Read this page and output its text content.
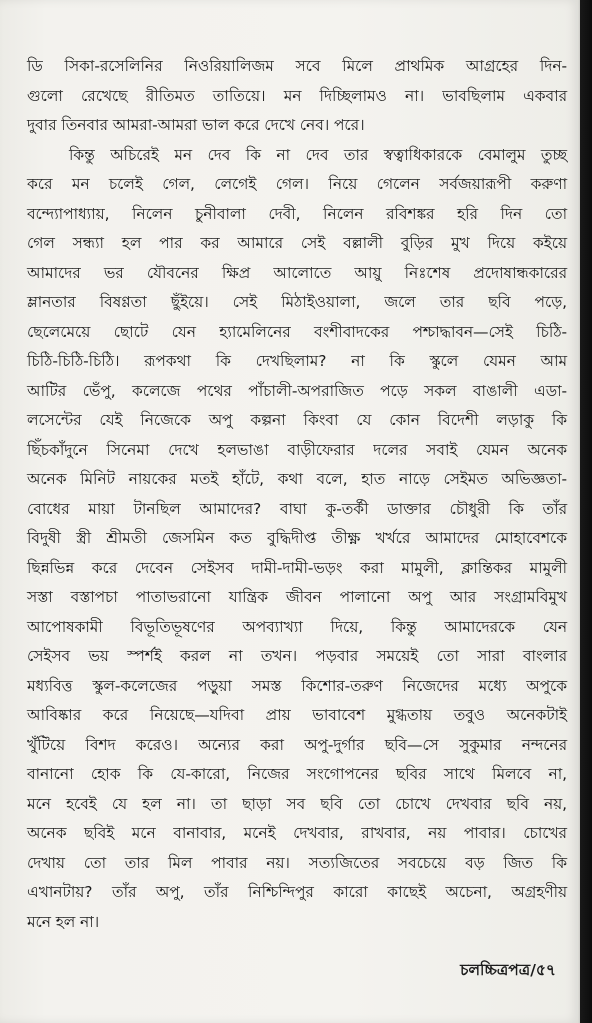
ডি সিকা-রসেলিনির নিওরিয়ালিজম সবে মিলে প্রাথমিক আগ্রহের দিন-
গুলো রেখেছে রীতিমত তাতিয়ে। মন দিচ্ছিলামও না। ভাবছিলাম একবার
দুবার তিনবার আমরা-আমরা ভাল করে দেখে নেব। পরে।
কিন্তু অচিরেই মন দেব কি না দেব তার স্বত্বাধিকারকে বেমালুম তুচ্ছ
করে মন চলেই গেল, লেগেই গেল। নিয়ে গেলেন সর্বজয়ারূপী করুণা
বন্দ্যোপাধ্যায়, নিলেন চুনীবালা দেবী, নিলেন রবিশঙ্কর হরি দিন তো
গেল সন্ধ্যা হল পার কর আমারে সেই বল্লালী বুড়ির মুখ দিয়ে কইয়ে
আমাদের ভর যৌবনের ক্ষিপ্র আলোতে আয়ু নিঃশেষ প্রদোষান্ধকারের
ম্লানতার বিষণ্ণতা ছুঁইয়ে। সেই মিঠাইওয়ালা, জলে তার ছবি পড়ে,
ছেলেমেয়ে ছোটে যেন হ্যামেলিনের বংশীবাদকের পশ্চাদ্ধাবন—সেই চিঠি-
চিঠি-চিঠি-চিঠি। রূপকথা কি দেখছিলাম? না কি স্কুলে যেমন আম
আটির ভেঁপু, কলেজে পথের পাঁচালী-অপরাজিত পড়ে সকল বাঙালী এডা-
লসেন্টের যেই নিজেকে অপু কল্পনা কিংবা যে কোন বিদেশী লড়াকু কি
ছিঁচকাঁদুনে সিনেমা দেখে হলভাঙা বাড়ীফেরার দলের সবাই যেমন অনেক
অনেক মিনিট নায়কের মতই হাঁটে, কথা বলে, হাত নাড়ে সেইমত অভিজ্ঞতা-
বোধের মায়া টানছিল আমাদের? বাঘা কু-তর্কী ডাক্তার চৌধুরী কি তাঁর
বিদুষী স্ত্রী শ্রীমতী জেসমিন কত বুদ্ধিদীপ্ত তীক্ষ্ণ খর্খরে আমাদের মোহাবেশকে
ছিন্নভিন্ন করে দেবেন সেইসব দামী-দামী-ভড়ং করা মামুলী, ক্লান্তিকর মামুলী
সস্তা বস্তাপচা পাতাভরানো যান্ত্রিক জীবন পালানো অপু আর সংগ্রামবিমুখ
আপোষকামী বিভূতিভূষণের অপব্যাখ্যা দিয়ে, কিন্তু আমাদেরকে যেন
সেইসব ভয় স্পর্শই করল না তখন। পড়বার সময়েই তো সারা বাংলার
মধ্যবিত্ত স্কুল-কলেজের পড়ুয়া সমস্ত কিশোর-তরুণ নিজেদের মধ্যে অপুকে
আবিষ্কার করে নিয়েছে—যদিবা প্রায় ভাবাবেশ মুগ্ধতায় তবুও অনেকটাই
খুঁটিয়ে বিশদ করেও। অন্যের করা অপু-দুর্গার ছবি—সে সুকুমার নন্দনের
বানানো হোক কি যে-কারো, নিজের সংগোপনের ছবির সাথে মিলবে না,
মনে হবেই যে হল না। তা ছাড়া সব ছবি তো চোখে দেখবার ছবি নয়,
অনেক ছবিই মনে বানাবার, মনেই দেখবার, রাখবার, নয় পাবার। চোখের
দেখায় তো তার মিল পাবার নয়। সত্যজিতের সবচেয়ে বড় জিত কি
এখানটায়? তাঁর অপু, তাঁর নিশ্চিন্দিপুর কারো কাছেই অচেনা, অগ্রহণীয়
মনে হল না।
চলচ্চিত্রপত্র/৫৭
